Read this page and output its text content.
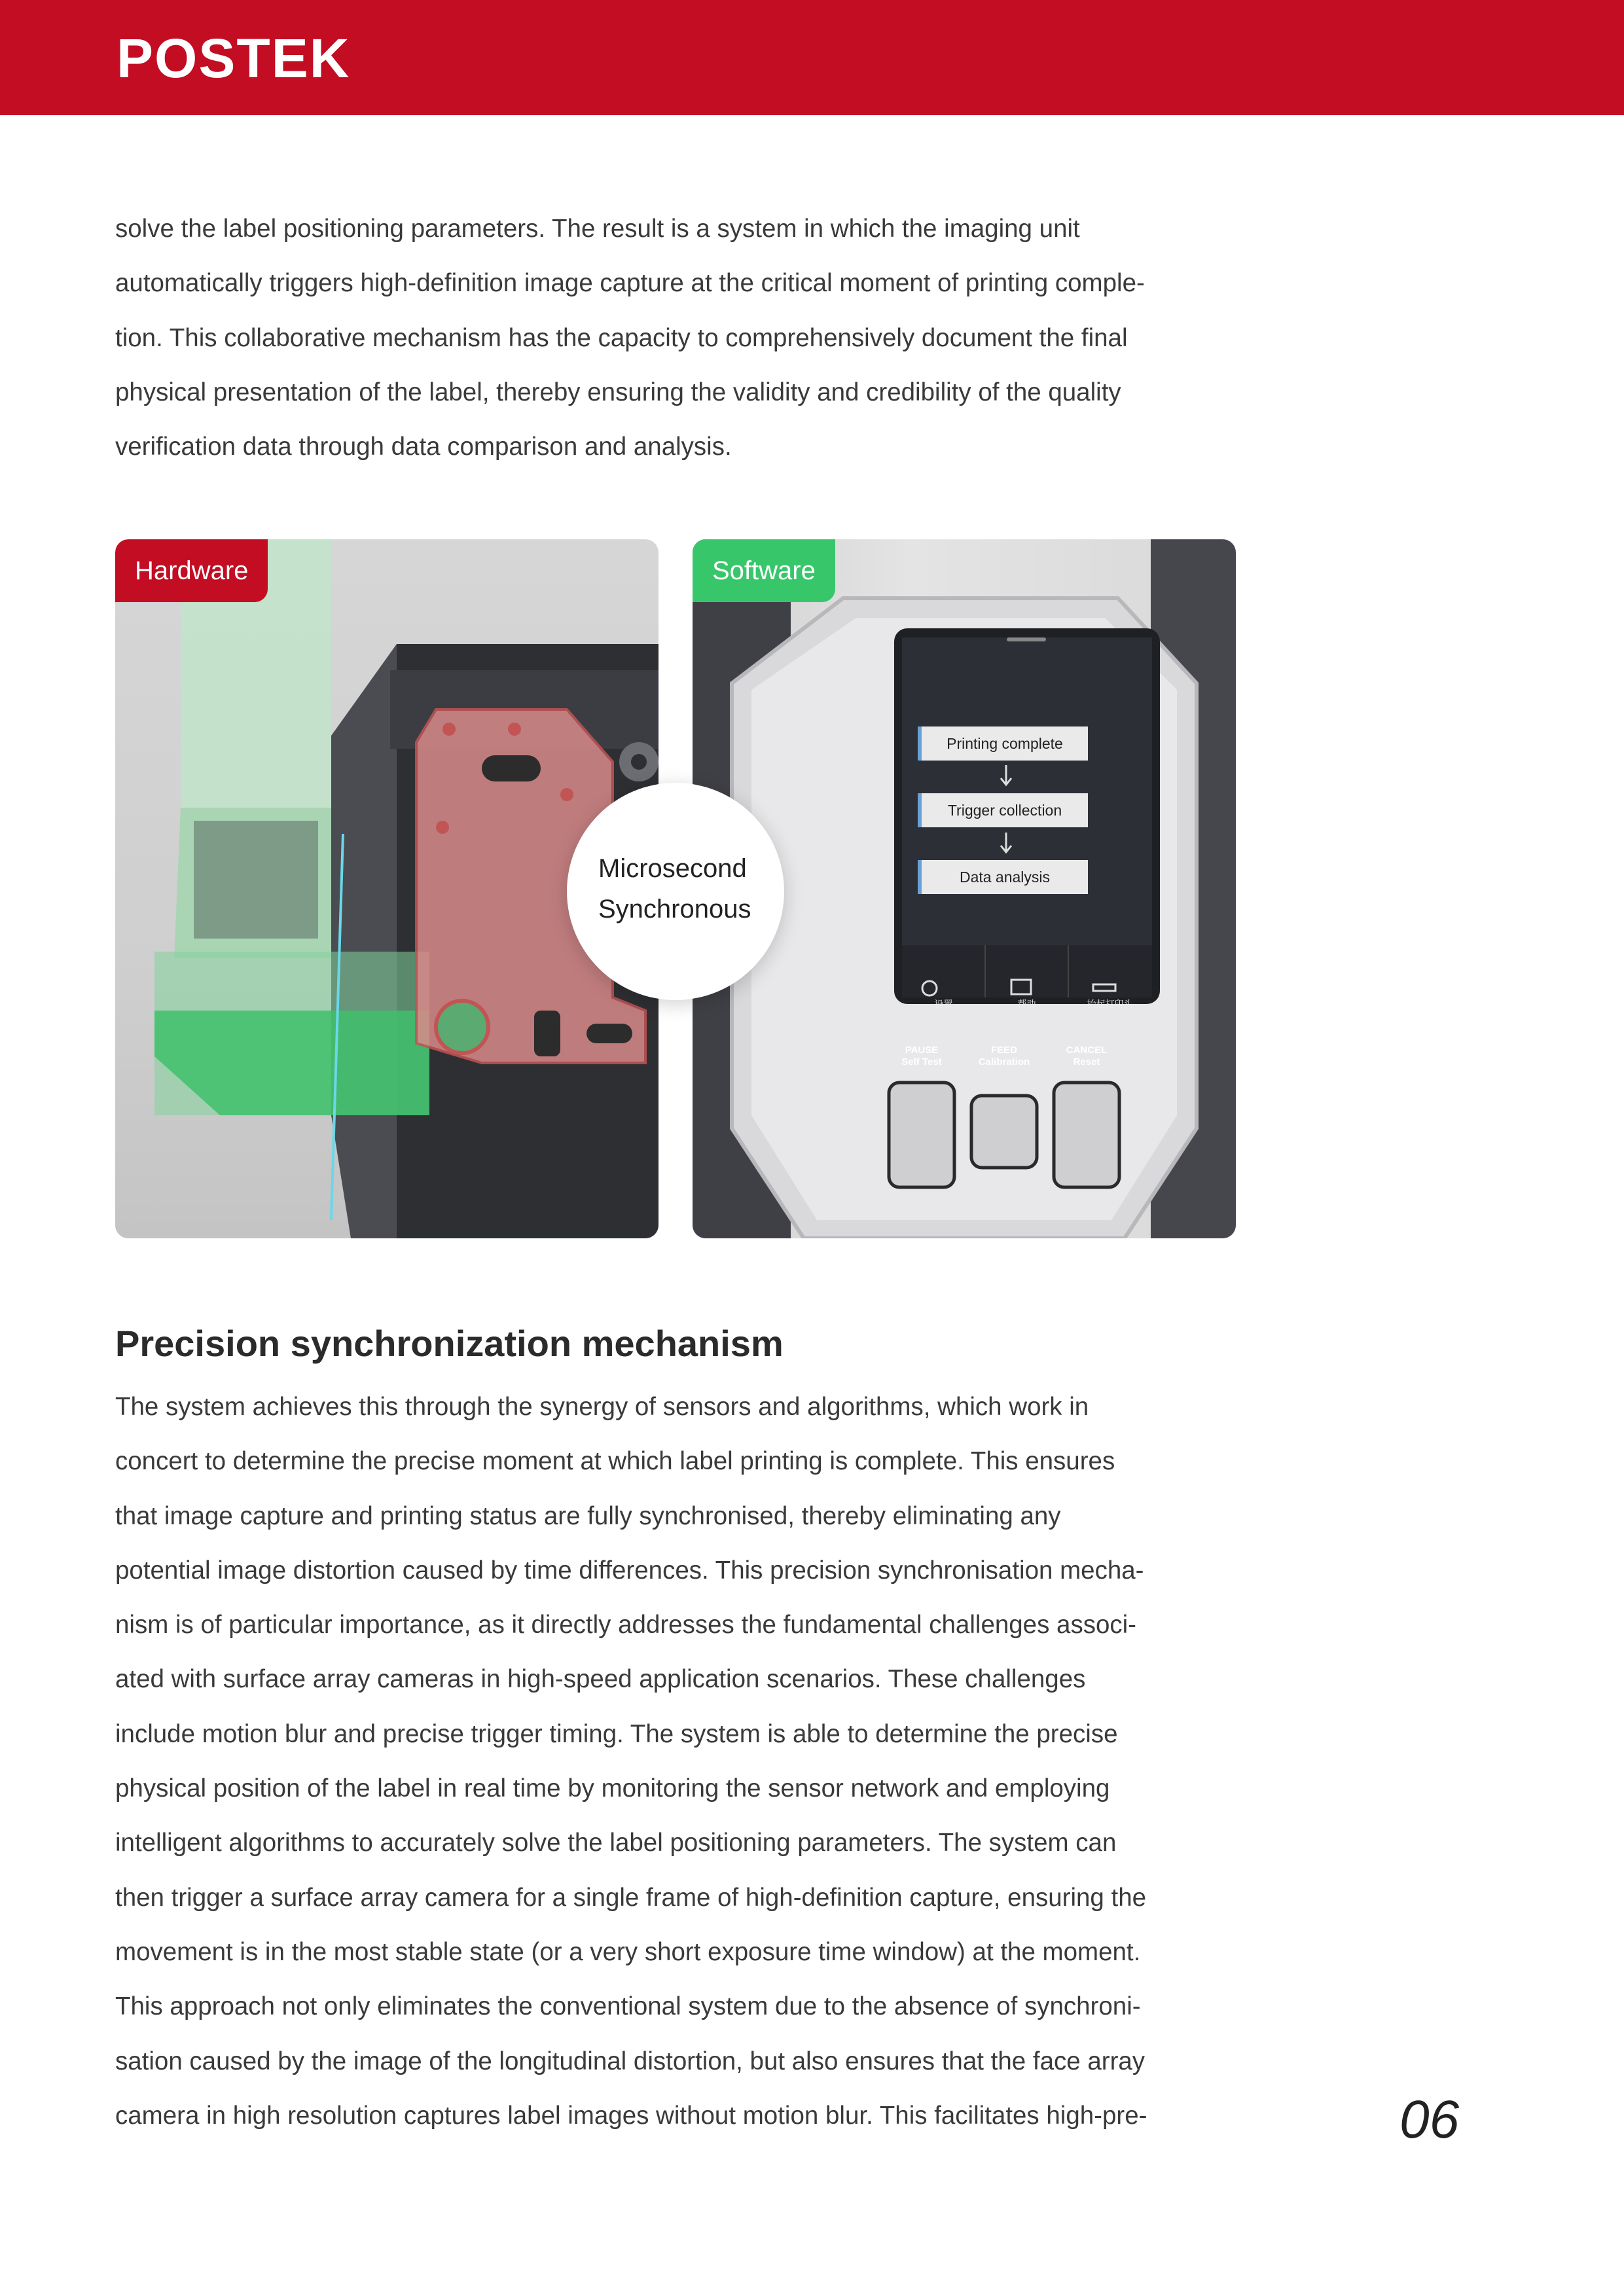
POSTEK
solve the label positioning parameters. The result is a system in which the imaging unit
automatically triggers high-definition image capture at the critical moment of printing comple-
tion. This collaborative mechanism has the capacity to comprehensively document the final
physical presentation of the label, thereby ensuring the validity and credibility of the quality
verification data through data comparison and analysis.
Hardware
Printing complete
Trigger collection
Data analysis
设置	帮助	抬起打印头
PAUSE
Self Test
FEED
Calibration
CANCEL
Reset
Software
Microsecond
Synchronous
Precision synchronization mechanism
The system achieves this through the synergy of sensors and algorithms, which work in
concert to determine the precise moment at which label printing is complete. This ensures
that image capture and printing status are fully synchronised, thereby eliminating any
potential image distortion caused by time differences. This precision synchronisation mecha-
nism is of particular importance, as it directly addresses the fundamental challenges associ-
ated with surface array cameras in high-speed application scenarios. These challenges
include motion blur and precise trigger timing. The system is able to determine the precise
physical position of the label in real time by monitoring the sensor network and employing
intelligent algorithms to accurately solve the label positioning parameters. The system can
then trigger a surface array camera for a single frame of high-definition capture, ensuring the
movement is in the most stable state (or a very short exposure time window) at the moment.
This approach not only eliminates the conventional system due to the absence of synchroni-
sation caused by the image of the longitudinal distortion, but also ensures that the face array
camera in high resolution captures label images without motion blur. This facilitates high-pre-	06
